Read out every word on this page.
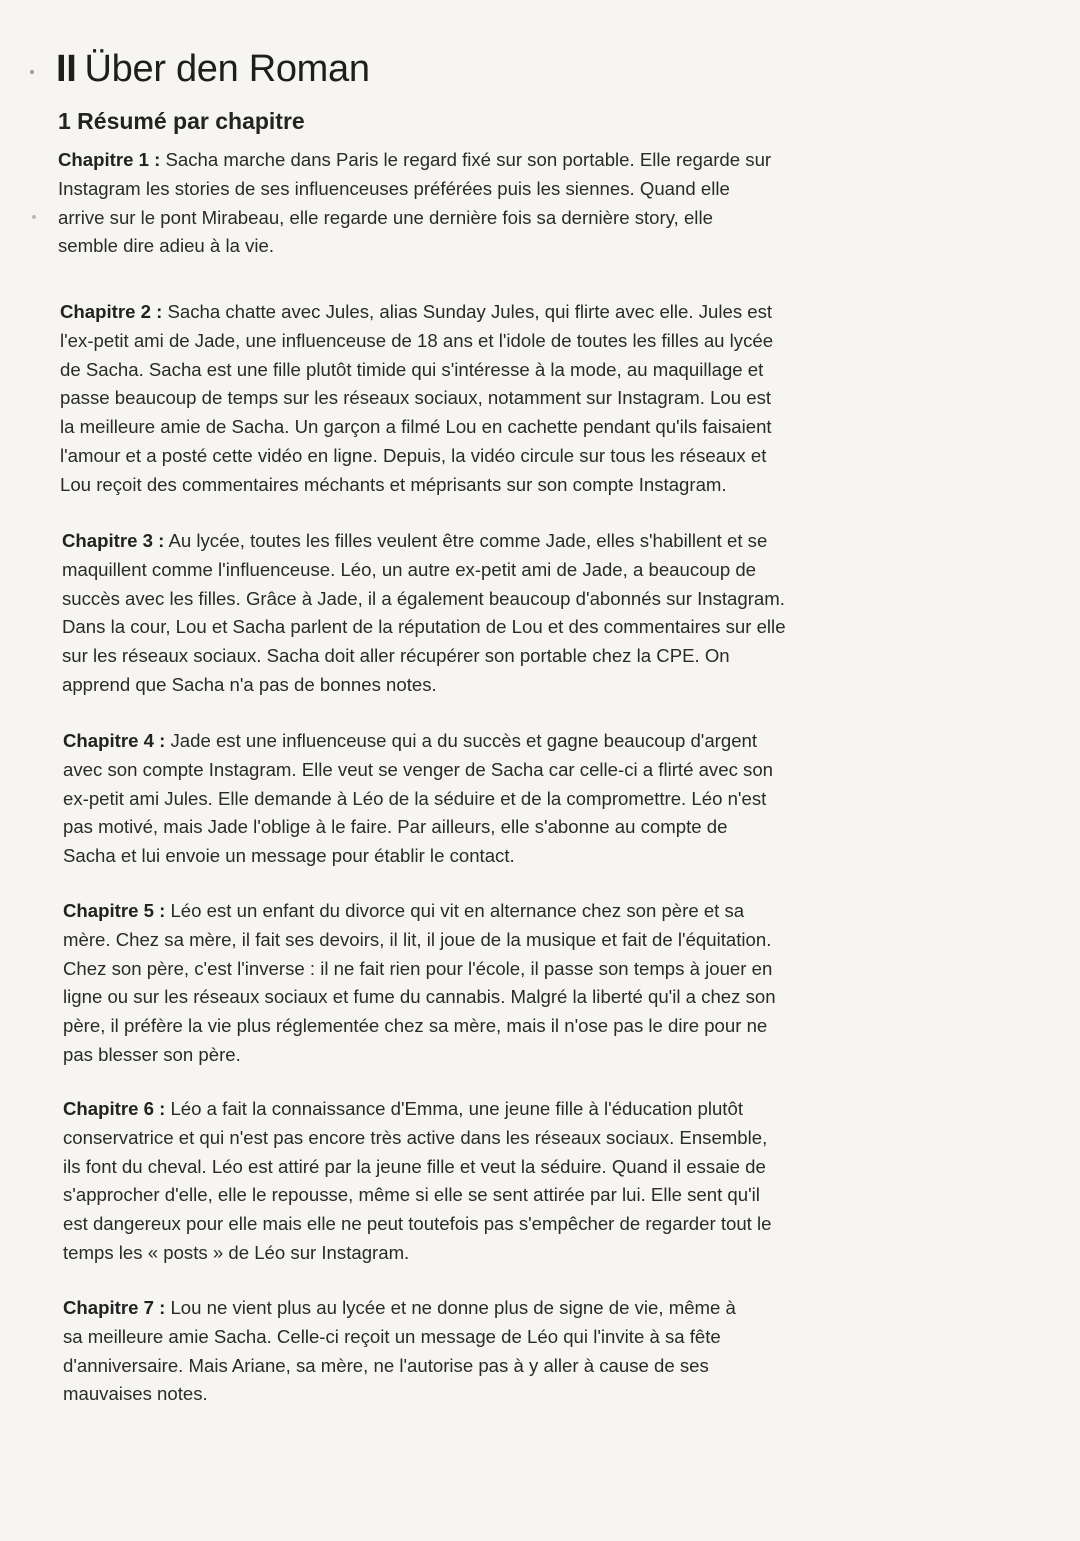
II Über den Roman
1 Résumé par chapitre

Chapitre 1 : Sacha marche dans Paris le regard fixé sur son portable. Elle regarde sur Instagram les stories de ses influenceuses préférées puis les siennes. Quand elle arrive sur le pont Mirabeau, elle regarde une dernière fois sa dernière story, elle semble dire adieu à la vie.

Chapitre 2 : Sacha chatte avec Jules, alias Sunday Jules, qui flirte avec elle. Jules est l'ex-petit ami de Jade, une influenceuse de 18 ans et l'idole de toutes les filles au lycée de Sacha. Sacha est une fille plutôt timide qui s'intéresse à la mode, au maquillage et passe beaucoup de temps sur les réseaux sociaux, notamment sur Instagram. Lou est la meilleure amie de Sacha. Un garçon a filmé Lou en cachette pendant qu'ils faisaient l'amour et a posté cette vidéo en ligne. Depuis, la vidéo circule sur tous les réseaux et Lou reçoit des commentaires méchants et méprisants sur son compte Instagram.

Chapitre 3 : Au lycée, toutes les filles veulent être comme Jade, elles s'habillent et se maquillent comme l'influenceuse. Léo, un autre ex-petit ami de Jade, a beaucoup de succès avec les filles. Grâce à Jade, il a également beaucoup d'abonnés sur Instagram. Dans la cour, Lou et Sacha parlent de la réputation de Lou et des commentaires sur elle sur les réseaux sociaux. Sacha doit aller récupérer son portable chez la CPE. On apprend que Sacha n'a pas de bonnes notes.

Chapitre 4 : Jade est une influenceuse qui a du succès et gagne beaucoup d'argent avec son compte Instagram. Elle veut se venger de Sacha car celle-ci a flirté avec son ex-petit ami Jules. Elle demande à Léo de la séduire et de la compromettre. Léo n'est pas motivé, mais Jade l'oblige à le faire. Par ailleurs, elle s'abonne au compte de Sacha et lui envoie un message pour établir le contact.

Chapitre 5 : Léo est un enfant du divorce qui vit en alternance chez son père et sa mère. Chez sa mère, il fait ses devoirs, il lit, il joue de la musique et fait de l'équitation. Chez son père, c'est l'inverse : il ne fait rien pour l'école, il passe son temps à jouer en ligne ou sur les réseaux sociaux et fume du cannabis. Malgré la liberté qu'il a chez son père, il préfère la vie plus réglementée chez sa mère, mais il n'ose pas le dire pour ne pas blesser son père.

Chapitre 6 : Léo a fait la connaissance d'Emma, une jeune fille à l'éducation plutôt conservatrice et qui n'est pas encore très active dans les réseaux sociaux. Ensemble, ils font du cheval. Léo est attiré par la jeune fille et veut la séduire. Quand il essaie de s'approcher d'elle, elle le repousse, même si elle se sent attirée par lui. Elle sent qu'il est dangereux pour elle mais elle ne peut toutefois pas s'empêcher de regarder tout le temps les « posts » de Léo sur Instagram.

Chapitre 7 : Lou ne vient plus au lycée et ne donne plus de signe de vie, même à sa meilleure amie Sacha. Celle-ci reçoit un message de Léo qui l'invite à sa fête d'anniversaire. Mais Ariane, sa mère, ne l'autorise pas à y aller à cause de ses mauvaises notes.
